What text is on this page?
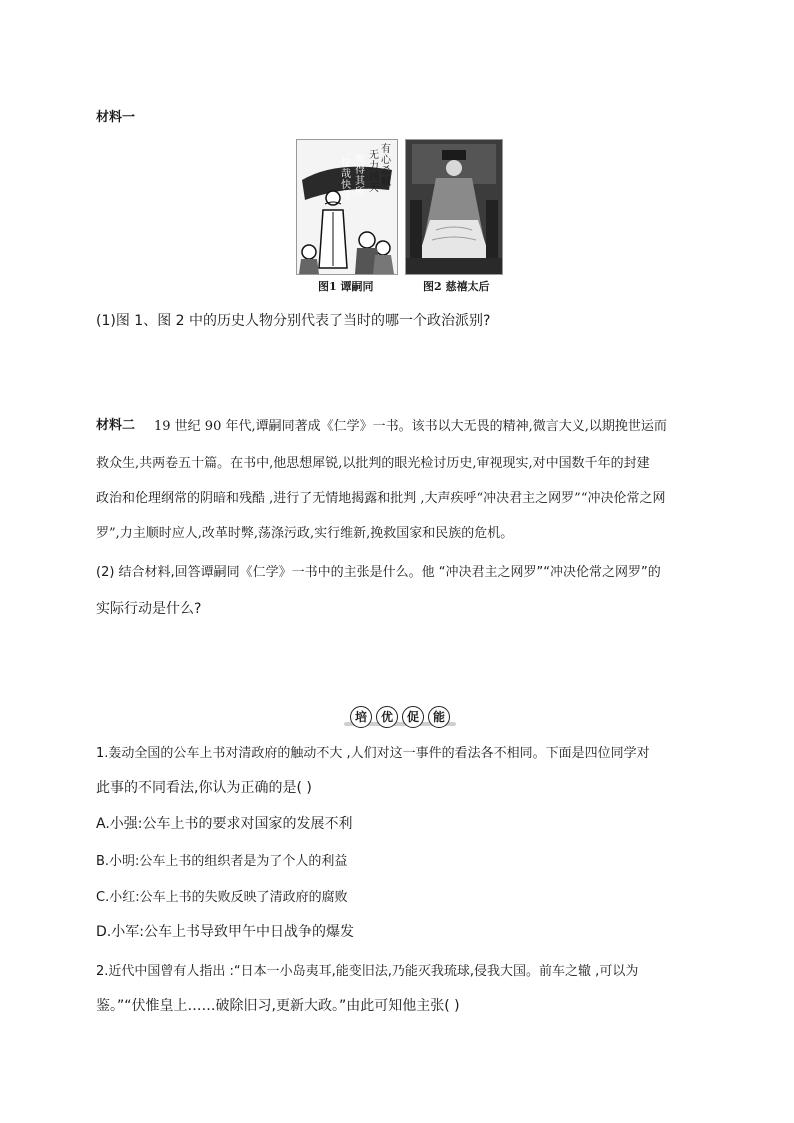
材料一
有心杀贼
无力回天
死得其所
快哉快哉
图1 谭嗣同	图2 慈禧太后
(1)图 1、图 2 中的历史人物分别代表了当时的哪一个政治派别?
材料二 19 世纪 90 年代,谭嗣同著成《仁学》一书。该书以大无畏的精神,微言大义,以期挽世运而
救众生,共两卷五十篇。在书中,他思想犀锐,以批判的眼光检讨历史,审视现实,对中国数千年的封建
政治和伦理纲常的阴暗和残酷 ,进行了无情地揭露和批判 ,大声疾呼“冲决君主之网罗”“冲决伦常之网
罗”,力主顺时应人,改革时弊,荡涤污政,实行维新,挽救国家和民族的危机。
(2) 结合材料,回答谭嗣同《仁学》一书中的主张是什么。他 “冲决君主之网罗”“冲决伦常之网罗”的
实际行动是什么?
培	优	促	能
1.轰动全国的公车上书对清政府的触动不大 ,人们对这一事件的看法各不相同。下面是四位同学对
此事的不同看法,你认为正确的是( )
A.小强:公车上书的要求对国家的发展不利
B.小明:公车上书的组织者是为了个人的利益
C.小红:公车上书的失败反映了清政府的腐败
D.小军:公车上书导致甲午中日战争的爆发
2.近代中国曾有人指出 :“日本一小岛夷耳,能变旧法,乃能灭我琉球,侵我大国。前车之辙 ,可以为
鉴。”“伏惟皇上……破除旧习,更新大政。”由此可知他主张( )
